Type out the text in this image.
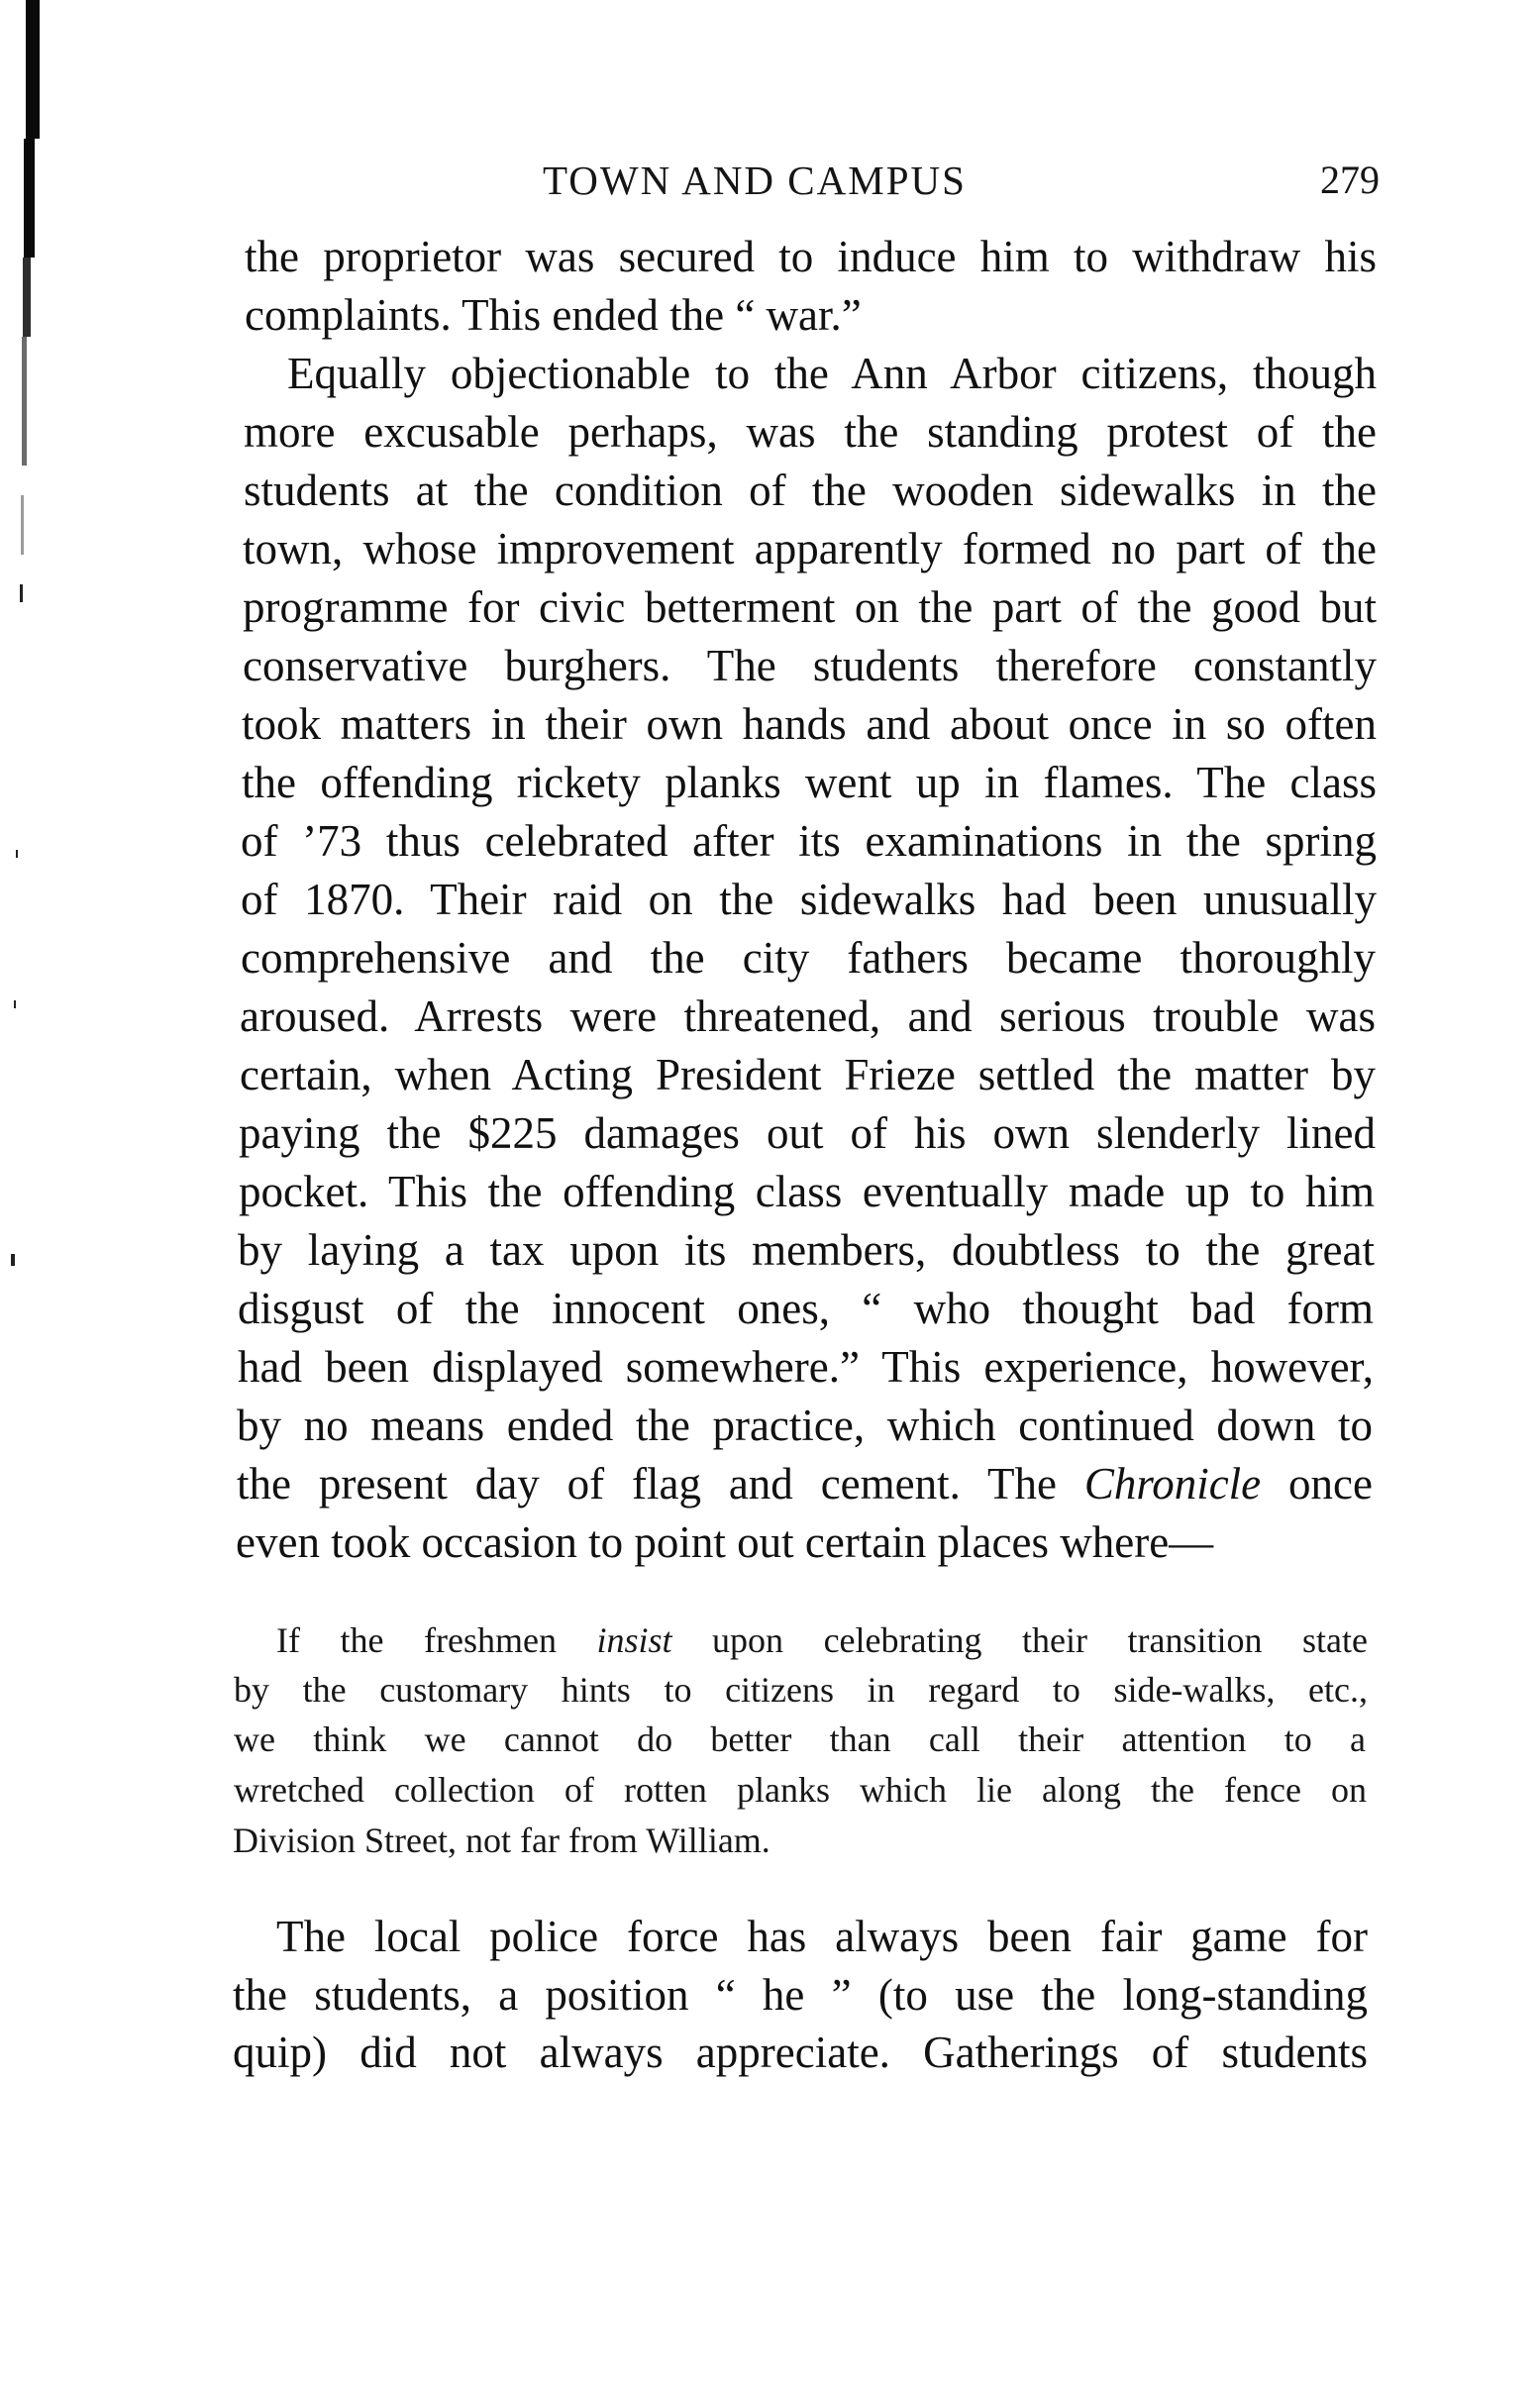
TOWN AND CAMPUS	279
the proprietor was secured to induce him to withdraw his
complaints. This ended the “ war.”
Equally objectionable to the Ann Arbor citizens, though
more excusable perhaps, was the standing protest of the
students at the condition of the wooden sidewalks in the
town, whose improvement apparently formed no part of the
programme for civic betterment on the part of the good but
conservative burghers. The students therefore constantly
took matters in their own hands and about once in so often
the offending rickety planks went up in flames. The class
of ’73 thus celebrated after its examinations in the spring
of 1870. Their raid on the sidewalks had been unusually
comprehensive and the city fathers became thoroughly
aroused. Arrests were threatened, and serious trouble was
certain, when Acting President Frieze settled the matter by
paying the $225 damages out of his own slenderly lined
pocket. This the offending class eventually made up to him
by laying a tax upon its members, doubtless to the great
disgust of the innocent ones, “ who thought bad form
had been displayed somewhere.” This experience, however,
by no means ended the practice, which continued down to
the present day of flag and cement. The Chronicle once
even took occasion to point out certain places where—
If the freshmen insist upon celebrating their transition state
by the customary hints to citizens in regard to side-walks, etc.,
we think we cannot do better than call their attention to a
wretched collection of rotten planks which lie along the fence on
Division Street, not far from William.
The local police force has always been fair game for
the students, a position “ he ” (to use the long-standing
quip) did not always appreciate. Gatherings of students
